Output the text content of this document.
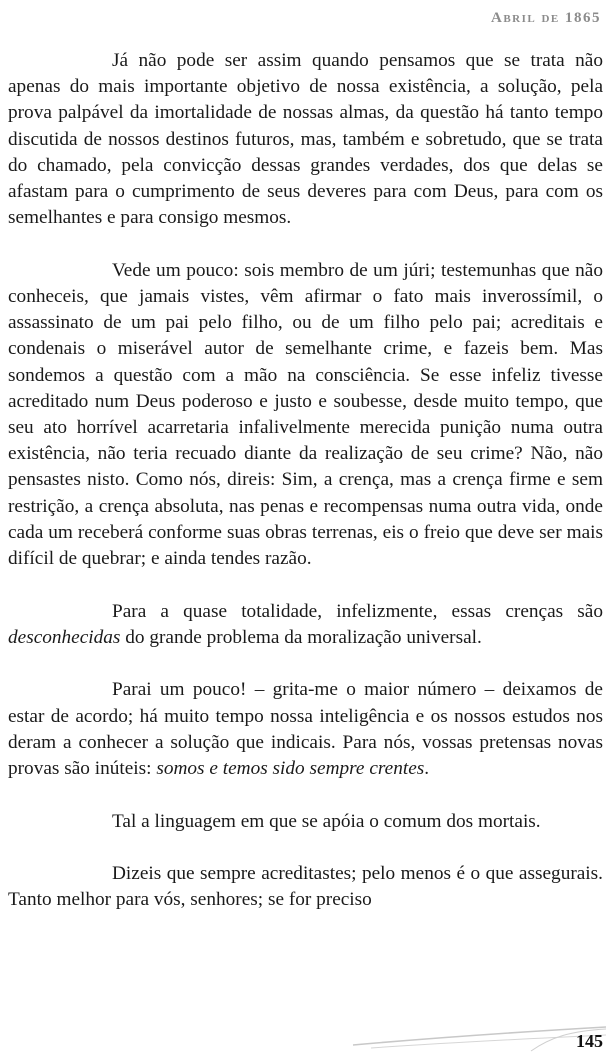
Abril de 1865

Já não pode ser assim quando pensamos que se trata não apenas do mais importante objetivo de nossa existência, a solução, pela prova palpável da imortalidade de nossas almas, da questão há tanto tempo discutida de nossos destinos futuros, mas, também e sobretudo, que se trata do chamado, pela convicção dessas grandes verdades, dos que delas se afastam para o cumprimento de seus deveres para com Deus, para com os semelhantes e para consigo mesmos.

Vede um pouco: sois membro de um júri; testemunhas que não conheceis, que jamais vistes, vêm afirmar o fato mais inverossímil, o assassinato de um pai pelo filho, ou de um filho pelo pai; acreditais e condenais o miserável autor de semelhante crime, e fazeis bem. Mas sondemos a questão com a mão na consciência. Se esse infeliz tivesse acreditado num Deus poderoso e justo e soubesse, desde muito tempo, que seu ato horrível acarretaria infalivelmente merecida punição numa outra existência, não teria recuado diante da realização de seu crime? Não, não pensastes nisto. Como nós, direis: Sim, a crença, mas a crença firme e sem restrição, a crença absoluta, nas penas e recompensas numa outra vida, onde cada um receberá conforme suas obras terrenas, eis o freio que deve ser mais difícil de quebrar; e ainda tendes razão.

Para a quase totalidade, infelizmente, essas crenças são desconhecidas do grande problema da moralização universal.

Parai um pouco! – grita-me o maior número – deixamos de estar de acordo; há muito tempo nossa inteligência e os nossos estudos nos deram a conhecer a solução que indicais. Para nós, vossas pretensas novas provas são inúteis: somos e temos sido sempre crentes.

Tal a linguagem em que se apóia o comum dos mortais.

Dizeis que sempre acreditastes; pelo menos é o que assegurais. Tanto melhor para vós, senhores; se for preciso

145
